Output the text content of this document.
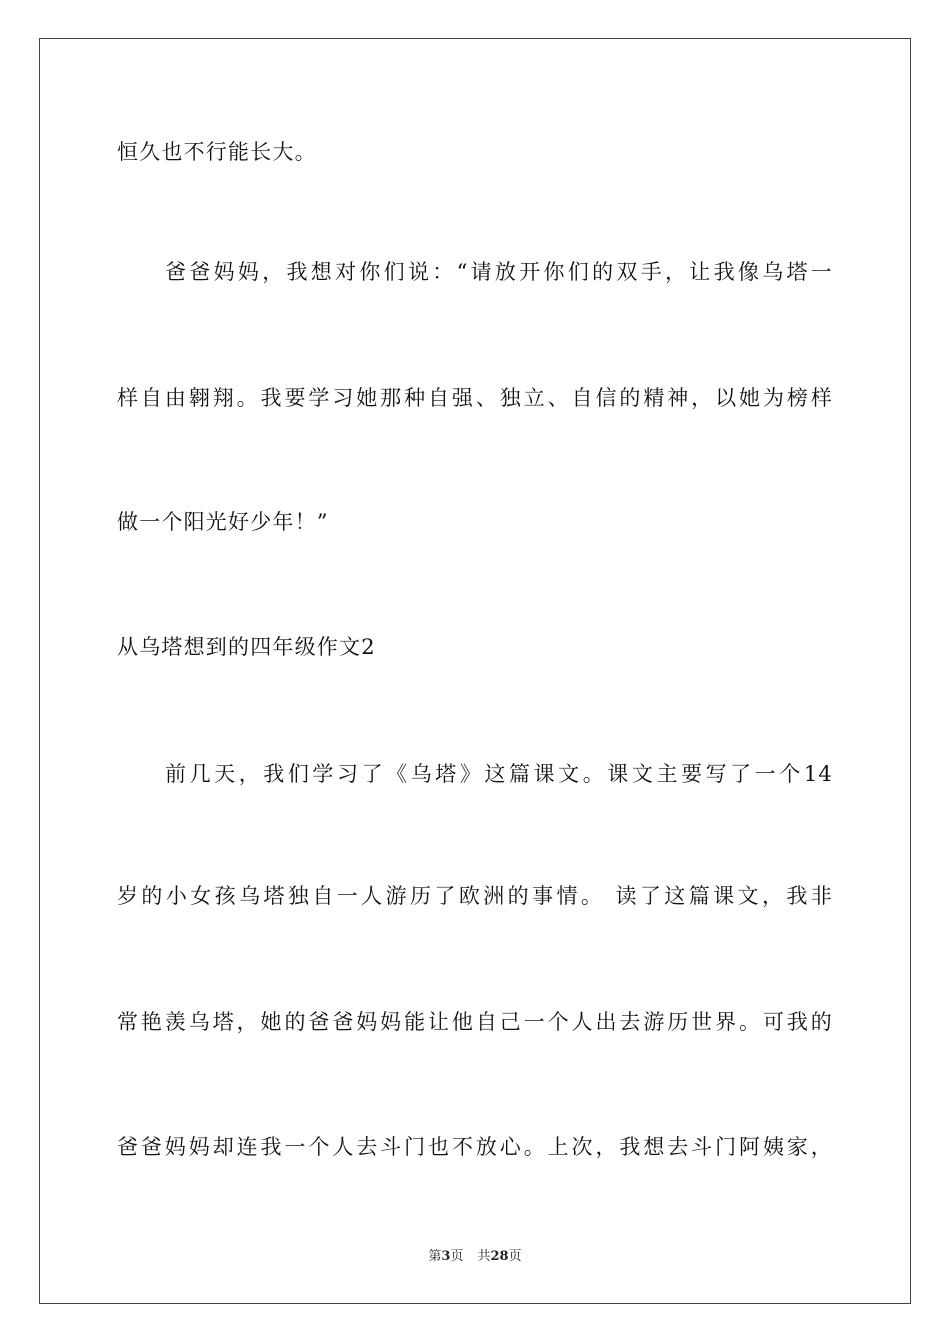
恒久也不行能长大。
爸爸妈妈，我想对你们说：“请放开你们的双手，让我像乌塔一
样自由翱翔。我要学习她那种自强、独立、自信的精神，以她为榜样
做一个阳光好少年！”
从乌塔想到的四年级作文2
前几天，我们学习了《乌塔》这篇课文。课文主要写了一个14
岁的小女孩乌塔独自一人游历了欧洲的事情。 读了这篇课文，我非
常艳羡乌塔，她的爸爸妈妈能让他自己一个人出去游历世界。可我的
爸爸妈妈却连我一个人去斗门也不放心。上次，我想去斗门阿姨家，
第3页 共28页
